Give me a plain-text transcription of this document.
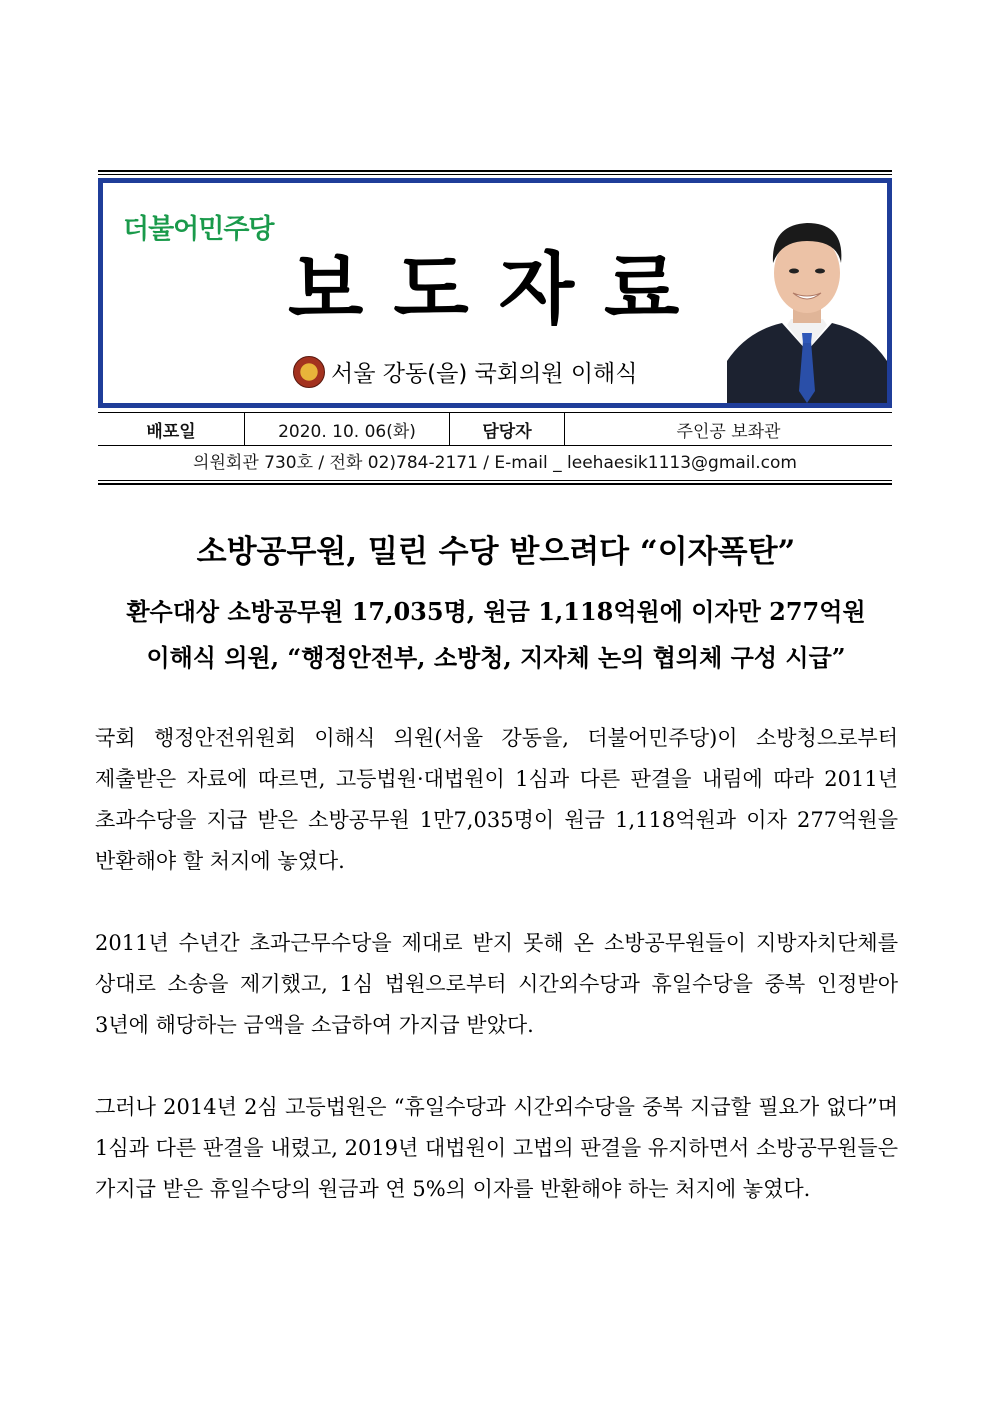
더불어민주당
보도자료
서울 강동(을) 국회의원 이해식
배포일	2020. 10. 06(화)	담당자	주인공 보좌관
의원회관 730호 / 전화 02)784-2171 / E-mail _ leehaesik1113@gmail.com
소방공무원, 밀린 수당 받으려다 “이자폭탄”
환수대상 소방공무원 17,035명, 원금 1,118억원에 이자만 277억원
이해식 의원, “행정안전부, 소방청, 지자체 논의 협의체 구성 시급”

국회 행정안전위원회 이해식 의원(서울 강동을, 더불어민주당)이 소방청으로부터 제출받은 자료에 따르면, 고등법원·대법원이 1심과 다른 판결을 내림에 따라 2011년 초과수당을 지급 받은 소방공무원 1만7,035명이 원금 1,118억원과 이자 277억원을 반환해야 할 처지에 놓였다.

2011년 수년간 초과근무수당을 제대로 받지 못해 온 소방공무원들이 지방자치단체를 상대로 소송을 제기했고, 1심 법원으로부터 시간외수당과 휴일수당을 중복 인정받아 3년에 해당하는 금액을 소급하여 가지급 받았다.

그러나 2014년 2심 고등법원은 “휴일수당과 시간외수당을 중복 지급할 필요가 없다”며 1심과 다른 판결을 내렸고, 2019년 대법원이 고법의 판결을 유지하면서 소방공무원들은 가지급 받은 휴일수당의 원금과 연 5%의 이자를 반환해야 하는 처지에 놓였다.
